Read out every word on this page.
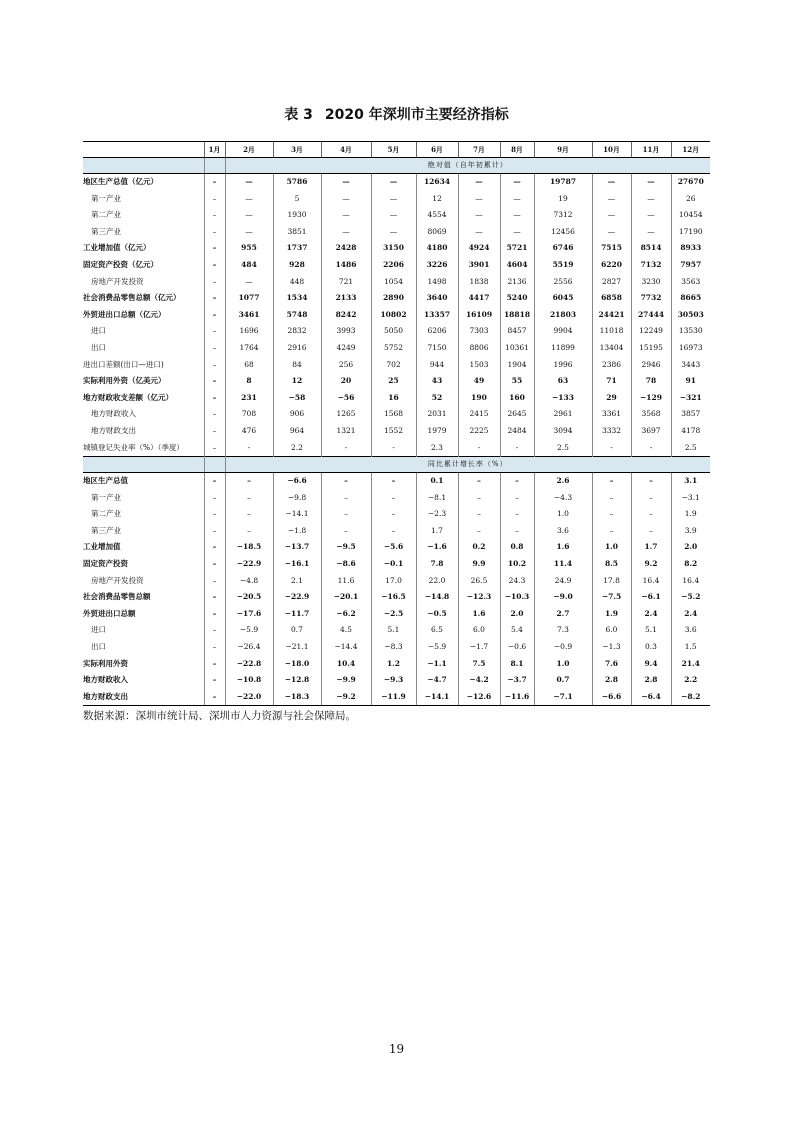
表 3 2020 年深圳市主要经济指标
	1月	2月	3月	4月	5月	6月	7月	8月	9月	10月	11月	12月
		绝对值（自年初累计）										
地区生产总值（亿元）	–	—	5786	—	—	12634	—	—	19787	—	—	27670
第一产业	–	—	5	—	—	12	—	—	19	—	—	26
第二产业	–	—	1930	—	—	4554	—	—	7312	—	—	10454
第三产业	–	—	3851	—	—	8069	—	—	12456	—	—	17190
工业增加值（亿元）	–	955	1737	2428	3150	4180	4924	5721	6746	7515	8514	8933
固定资产投资（亿元）	–	484	928	1486	2206	3226	3901	4604	5519	6220	7132	7957
房地产开发投资	–	—	448	721	1054	1498	1838	2136	2556	2827	3230	3563
社会消费品零售总额（亿元）	–	1077	1534	2133	2890	3640	4417	5240	6045	6858	7732	8665
外贸进出口总额（亿元）	–	3461	5748	8242	10802	13357	16109	18818	21803	24421	27444	30503
进口	–	1696	2832	3993	5050	6206	7303	8457	9904	11018	12249	13530
出口	–	1764	2916	4249	5752	7150	8806	10361	11899	13404	15195	16973
进出口差额(出口—进口)	–	68	84	256	702	944	1503	1904	1996	2386	2946	3443
实际利用外资（亿美元）	–	8	12	20	25	43	49	55	63	71	78	91
地方财政收支差额（亿元）	–	231	−58	−56	16	52	190	160	−133	29	−129	−321
地方财政收入	–	708	906	1265	1568	2031	2415	2645	2961	3361	3568	3857
地方财政支出	–	476	964	1321	1552	1979	2225	2484	3094	3332	3697	4178
城镇登记失业率（%）（季度）	–	-	2.2	-	-	2.3	-	-	2.5	-	-	2.5
		同比累计增长率（%）										
地区生产总值	–	–	−6.6	–	–	0.1	–	–	2.6	–	–	3.1
第一产业	–	–	−9.8	–	–	−8.1	–	–	−4.3	–	–	−3.1
第二产业	–	–	−14.1	–	–	−2.3	–	–	1.0	–	–	1.9
第三产业	–	–	−1.8	–	–	1.7	–	–	3.6	–	–	3.9
工业增加值	–	−18.5	−13.7	−9.5	−5.6	−1.6	0.2	0.8	1.6	1.0	1.7	2.0
固定资产投资	–	−22.9	−16.1	−8.6	−0.1	7.8	9.9	10.2	11.4	8.5	9.2	8.2
房地产开发投资	–	−4.8	2.1	11.6	17.0	22.0	26.5	24.3	24.9	17.8	16.4	16.4
社会消费品零售总额	–	−20.5	−22.9	−20.1	−16.5	−14.8	−12.3	−10.3	−9.0	−7.5	−6.1	−5.2
外贸进出口总额	–	−17.6	−11.7	−6.2	−2.5	−0.5	1.6	2.0	2.7	1.9	2.4	2.4
进口	–	−5.9	0.7	4.5	5.1	6.5	6.0	5.4	7.3	6.0	5.1	3.6
出口	–	−26.4	−21.1	−14.4	−8.3	−5.9	−1.7	−0.6	−0.9	−1.3	0.3	1.5
实际利用外资	–	−22.8	−18.0	10.4	1.2	−1.1	7.5	8.1	1.0	7.6	9.4	21.4
地方财政收入	–	−10.8	−12.8	−9.9	−9.3	−4.7	−4.2	−3.7	0.7	2.8	2.8	2.2
地方财政支出	–	−22.0	−18.3	−9.2	−11.9	−14.1	−12.6	−11.6	−7.1	−6.6	−6.4	−8.2
数据来源：深圳市统计局、深圳市人力资源与社会保障局。
19
